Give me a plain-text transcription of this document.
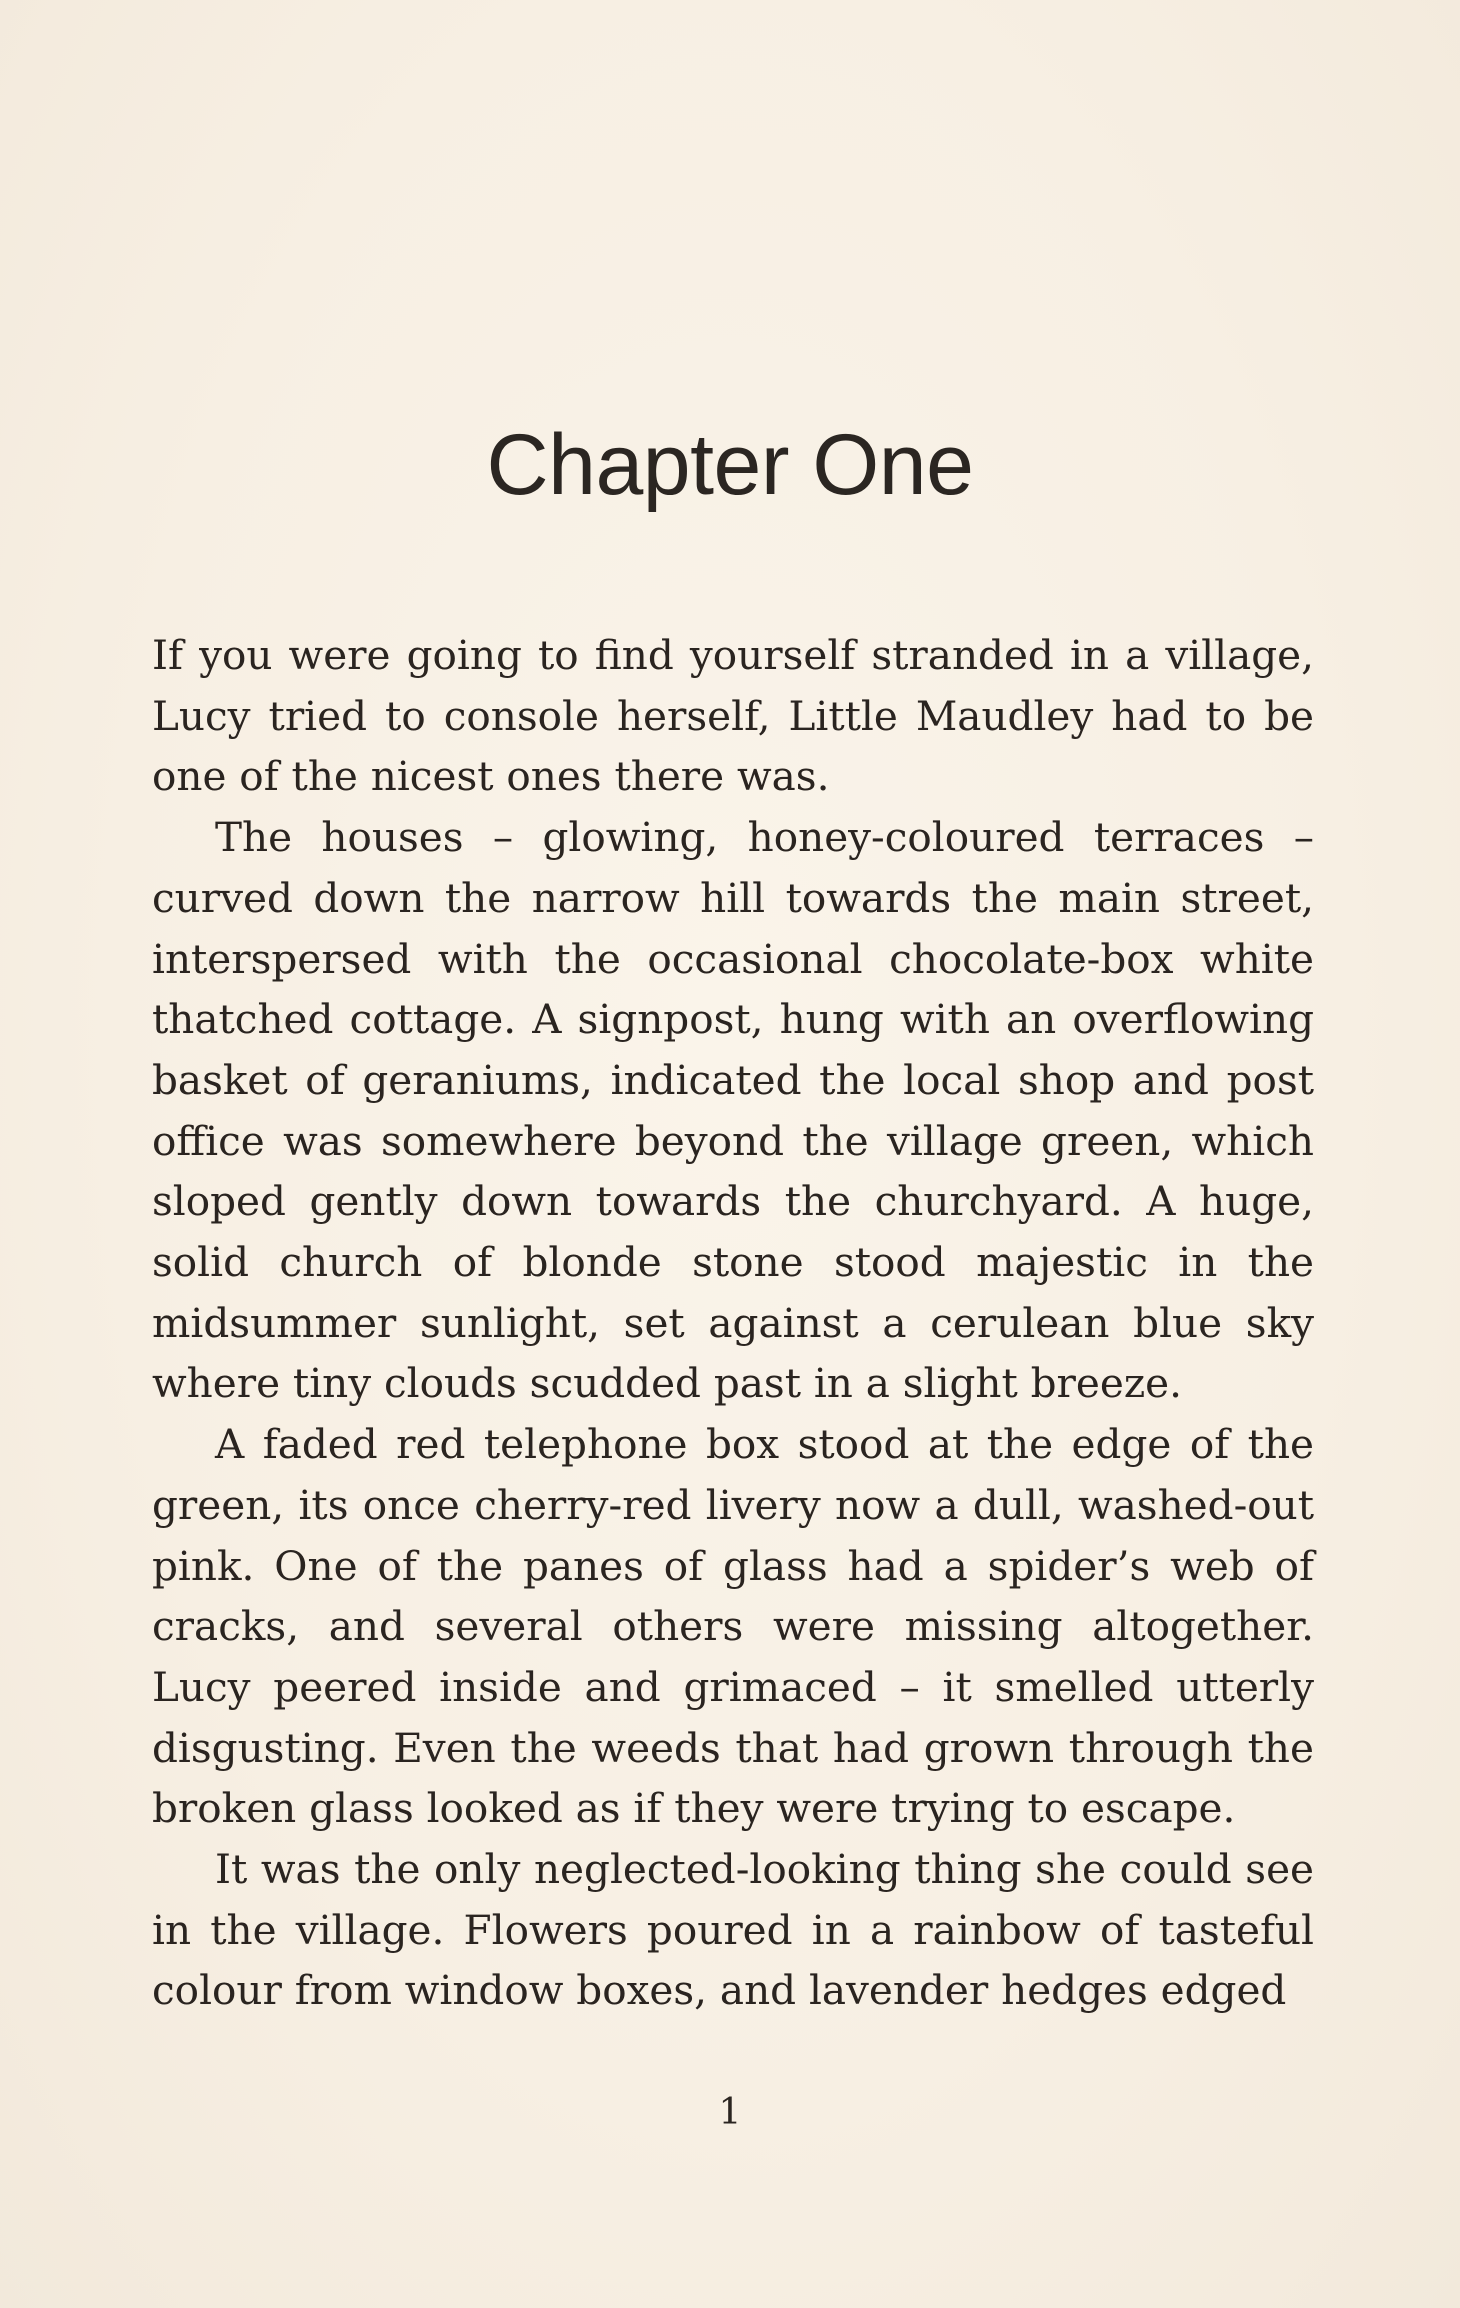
Chapter One

If you were going to find yourself stranded in a village, Lucy tried to console herself, Little Maudley had to be one of the nicest ones there was.

The houses – glowing, honey-coloured terraces – curved down the narrow hill towards the main street, interspersed with the occasional chocolate-box white thatched cottage. A signpost, hung with an overflowing basket of geraniums, indicated the local shop and post office was somewhere beyond the village green, which sloped gently down towards the churchyard. A huge, solid church of blonde stone stood majestic in the midsummer sunlight, set against a cerulean blue sky where tiny clouds scudded past in a slight breeze.

A faded red telephone box stood at the edge of the green, its once cherry-red livery now a dull, washed-out pink. One of the panes of glass had a spider’s web of cracks, and several others were missing altogether. Lucy peered inside and grimaced – it smelled utterly disgusting. Even the weeds that had grown through the broken glass looked as if they were trying to escape.

It was the only neglected-looking thing she could see in the village. Flowers poured in a rainbow of tasteful colour from window boxes, and lavender hedges edged

1
